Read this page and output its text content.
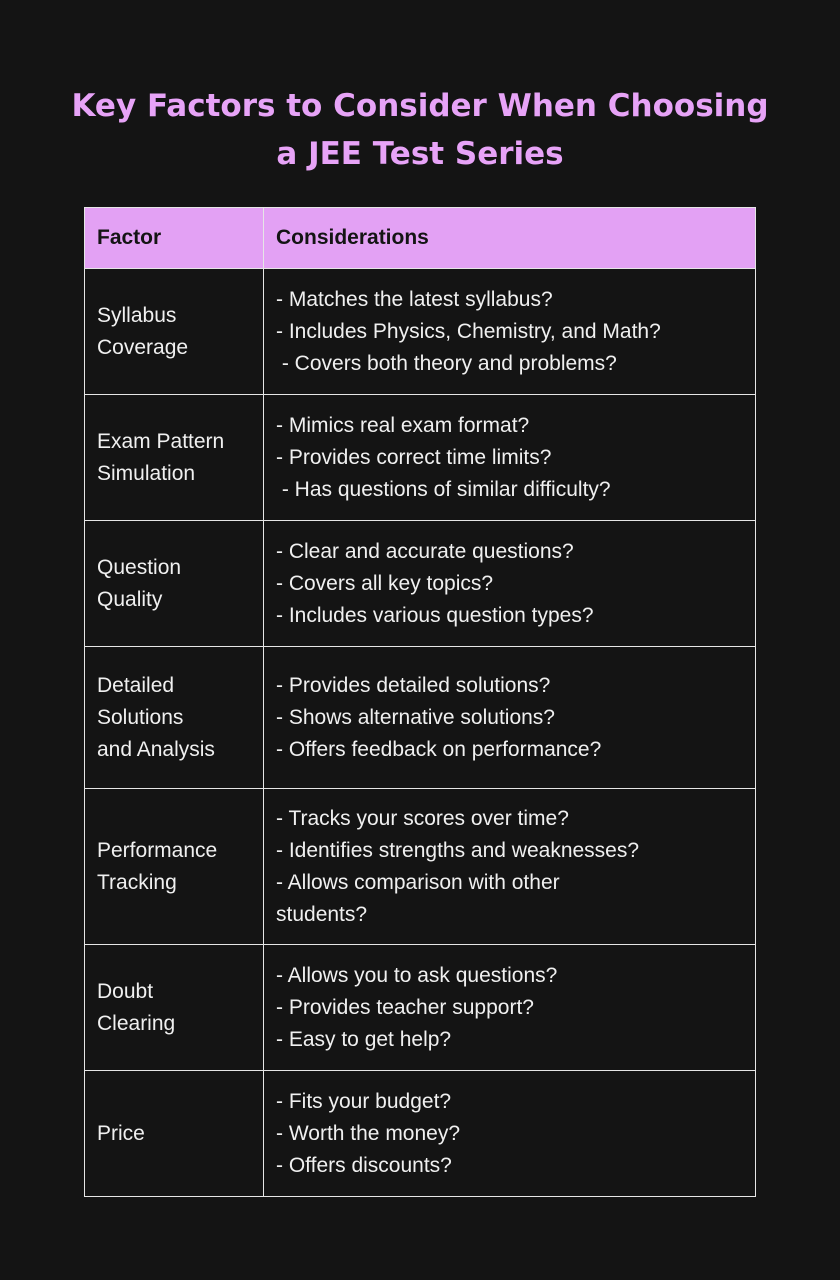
Key Factors to Consider When Choosing
a JEE Test Series
Factor	Considerations

Syllabus
Coverage	- Matches the latest syllabus?
- Includes Physics, Chemistry, and Math?
- Covers both theory and problems?

Exam Pattern
Simulation	- Mimics real exam format?
- Provides correct time limits?
- Has questions of similar difficulty?

Question
Quality	- Clear and accurate questions?
- Covers all key topics?
- Includes various question types?

Detailed
Solutions
and Analysis	- Provides detailed solutions?
- Shows alternative solutions?
- Offers feedback on performance?

Performance
Tracking	- Tracks your scores over time?
- Identifies strengths and weaknesses?
- Allows comparison with other
students?

Doubt
Clearing	- Allows you to ask questions?
- Provides teacher support?
- Easy to get help?

Price	- Fits your budget?
- Worth the money?
- Offers discounts?
